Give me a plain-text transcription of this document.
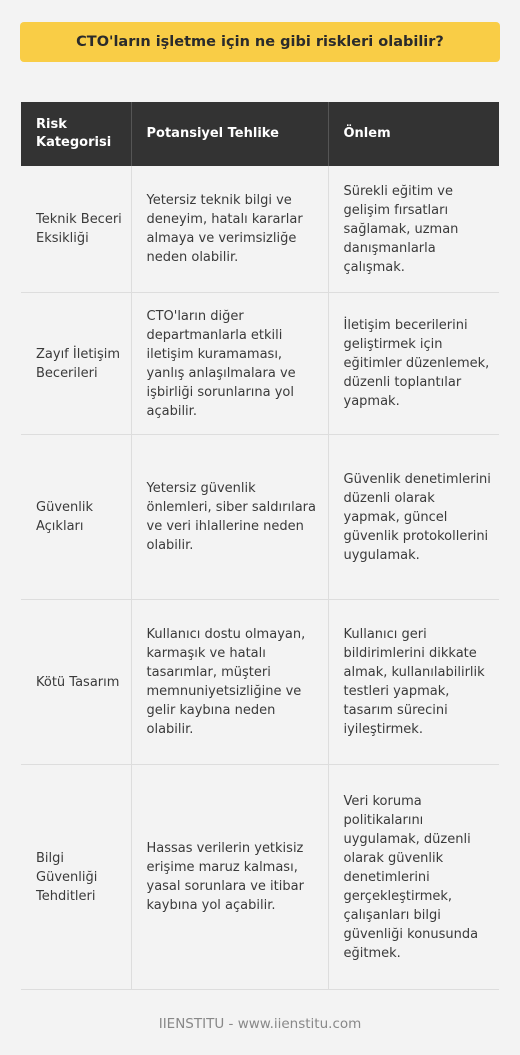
CTO'ların işletme için ne gibi riskleri olabilir?
Risk Kategorisi	Potansiyel Tehlike	Önlem
Teknik Beceri Eksikliği	Yetersiz teknik bilgi ve deneyim, hatalı kararlar almaya ve verimsizliğe neden olabilir.	Sürekli eğitim ve gelişim fırsatları sağlamak, uzman danışmanlarla çalışmak.
Zayıf İletişim Becerileri	CTO'ların diğer departmanlarla etkili iletişim kuramaması, yanlış anlaşılmalara ve işbirliği sorunlarına yol açabilir.	İletişim becerilerini geliştirmek için eğitimler düzenlemek, düzenli toplantılar yapmak.
Güvenlik Açıkları	Yetersiz güvenlik önlemleri, siber saldırılara ve veri ihlallerine neden olabilir.	Güvenlik denetimlerini düzenli olarak yapmak, güncel güvenlik protokollerini uygulamak.
Kötü Tasarım	Kullanıcı dostu olmayan, karmaşık ve hatalı tasarımlar, müşteri memnuniyetsizliğine ve gelir kaybına neden olabilir.	Kullanıcı geri bildirimlerini dikkate almak, kullanılabilirlik testleri yapmak, tasarım sürecini iyileştirmek.
Bilgi Güvenliği Tehditleri	Hassas verilerin yetkisiz erişime maruz kalması, yasal sorunlara ve itibar kaybına yol açabilir.	Veri koruma politikalarını uygulamak, düzenli olarak güvenlik denetimlerini gerçekleştirmek, çalışanları bilgi güvenliği konusunda eğitmek.
IIENSTITU - www.iienstitu.com
